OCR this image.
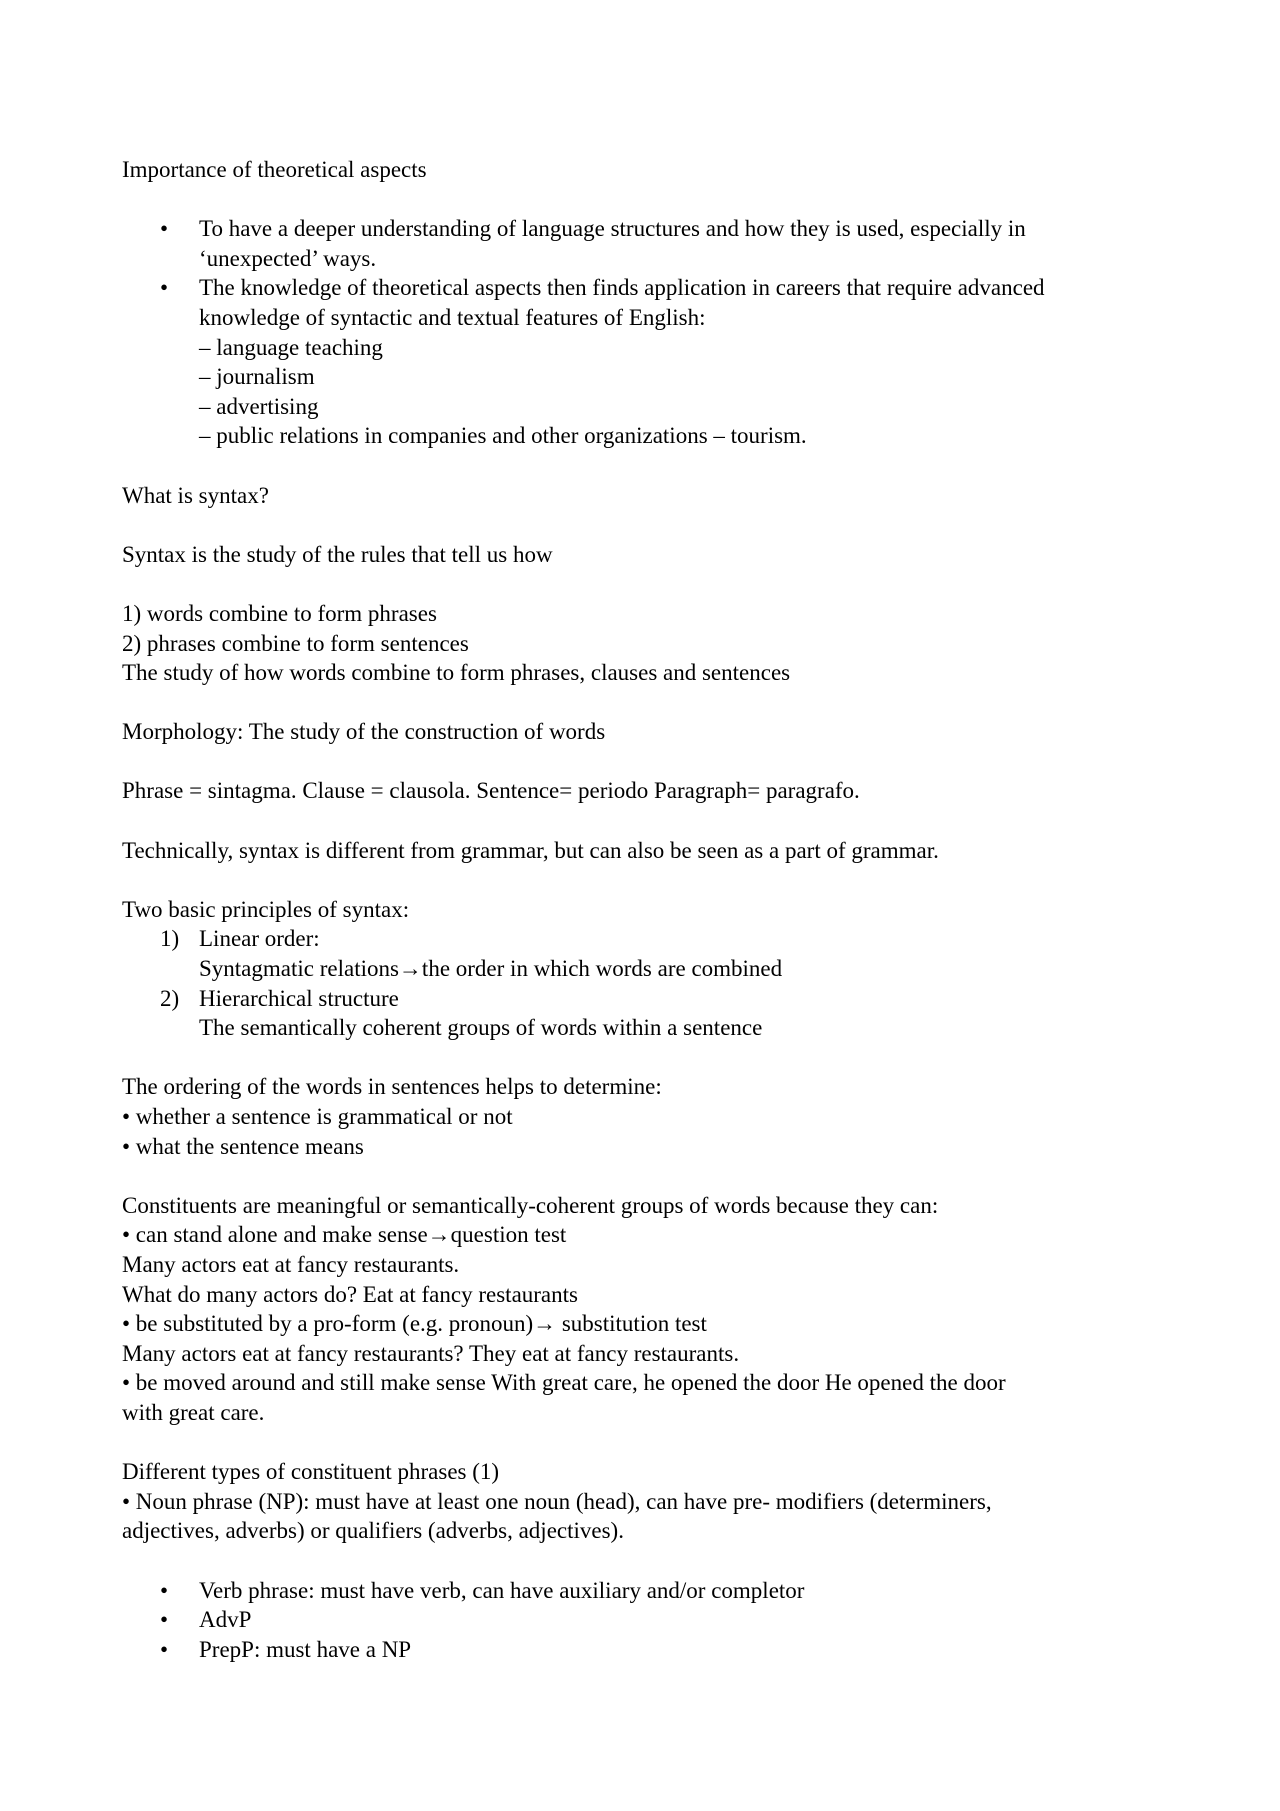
Importance of theoretical aspects
• To have a deeper understanding of language structures and how they is used, especially in
‘unexpected’ ways.
• The knowledge of theoretical aspects then finds application in careers that require advanced
knowledge of syntactic and textual features of English:
– language teaching
– journalism
– advertising
– public relations in companies and other organizations – tourism.
What is syntax?
Syntax is the study of the rules that tell us how
1) words combine to form phrases
2) phrases combine to form sentences
The study of how words combine to form phrases, clauses and sentences
Morphology: The study of the construction of words
Phrase = sintagma. Clause = clausola. Sentence= periodo Paragraph= paragrafo.
Technically, syntax is different from grammar, but can also be seen as a part of grammar.
Two basic principles of syntax:
1) Linear order:
Syntagmatic relations→the order in which words are combined
2) Hierarchical structure
The semantically coherent groups of words within a sentence
The ordering of the words in sentences helps to determine:
• whether a sentence is grammatical or not
• what the sentence means
Constituents are meaningful or semantically-coherent groups of words because they can:
• can stand alone and make sense→question test
Many actors eat at fancy restaurants.
What do many actors do? Eat at fancy restaurants
• be substituted by a pro-form (e.g. pronoun)→ substitution test
Many actors eat at fancy restaurants? They eat at fancy restaurants.
• be moved around and still make sense With great care, he opened the door He opened the door
with great care.
Different types of constituent phrases (1)
• Noun phrase (NP): must have at least one noun (head), can have pre- modifiers (determiners,
adjectives, adverbs) or qualifiers (adverbs, adjectives).
• Verb phrase: must have verb, can have auxiliary and/or completor
• AdvP
• PrepP: must have a NP
